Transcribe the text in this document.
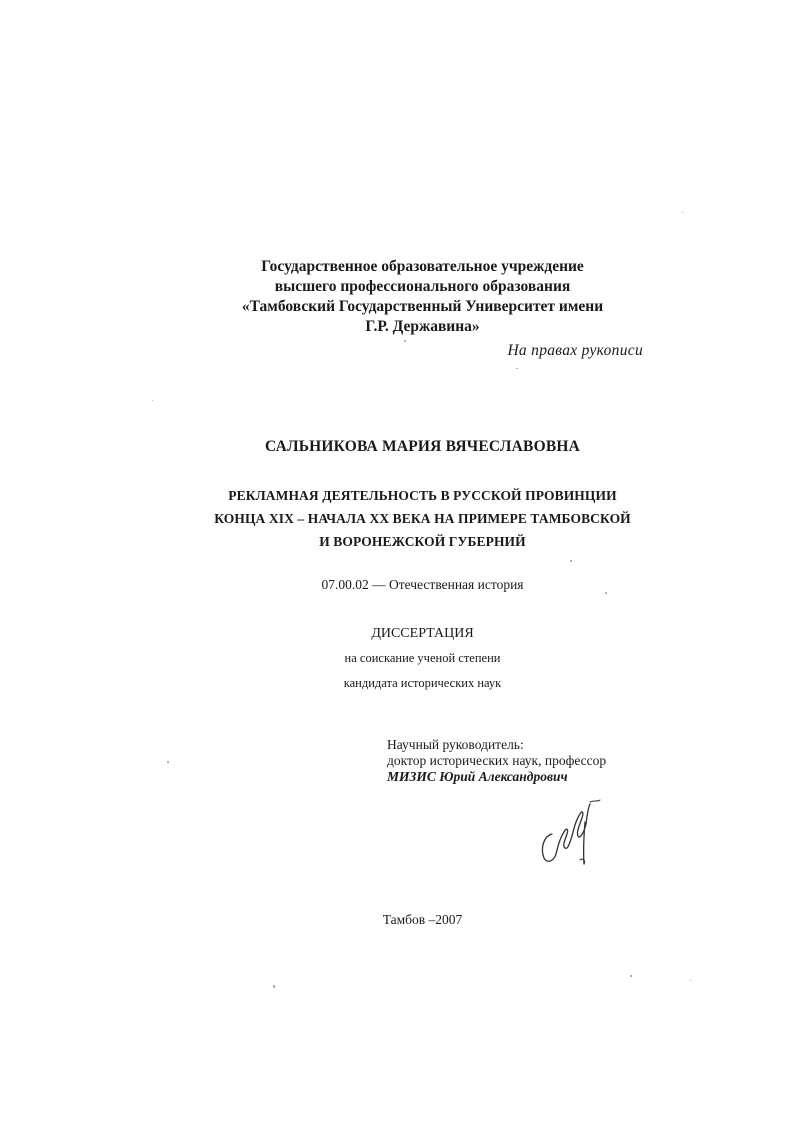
Государственное образовательное учреждение
высшего профессионального образования
«Тамбовский Государственный Университет имени
Г.Р. Державина»
На правах рукописи
САЛЬНИКОВА МАРИЯ ВЯЧЕСЛАВОВНА
РЕКЛАМНАЯ ДЕЯТЕЛЬНОСТЬ В РУССКОЙ ПРОВИНЦИИ
КОНЦА XIX – НАЧАЛА XX ВЕКА НА ПРИМЕРЕ ТАМБОВСКОЙ
И ВОРОНЕЖСКОЙ ГУБЕРНИЙ
07.00.02 — Отечественная история
ДИССЕРТАЦИЯ
на соискание ученой степени
кандидата исторических наук
Научный руководитель:
доктор исторических наук, профессор
МИЗИС Юрий Александрович
Тамбов –2007
